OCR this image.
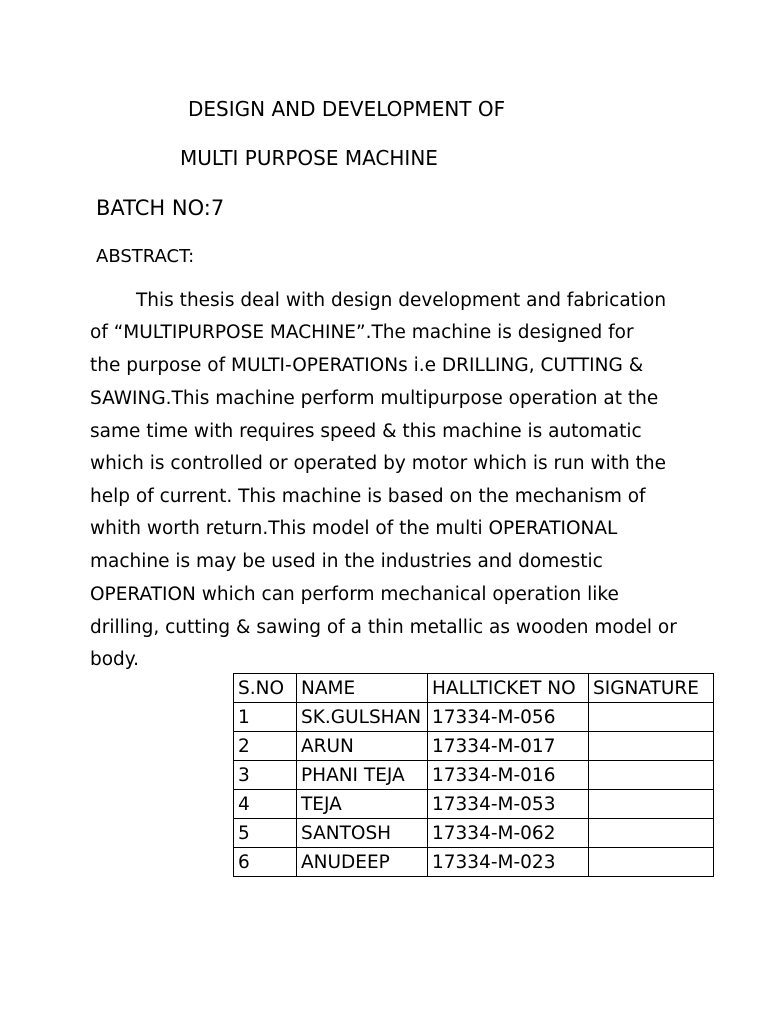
DESIGN AND DEVELOPMENT OF
MULTI PURPOSE MACHINE
BATCH NO:7
ABSTRACT:
This thesis deal with design development and fabrication
of “MULTIPURPOSE MACHINE”.The machine is designed for
the purpose of MULTI-OPERATIONs i.e DRILLING, CUTTING &
SAWING.This machine perform multipurpose operation at the
same time with requires speed & this machine is automatic
which is controlled or operated by motor which is run with the
help of current. This machine is based on the mechanism of
whith worth return.This model of the multi OPERATIONAL
machine is may be used in the industries and domestic
OPERATION which can perform mechanical operation like
drilling, cutting & sawing of a thin metallic as wooden model or
body.
S.NO	NAME	HALLTICKET NO	SIGNATURE
1	SK.GULSHAN	17334-M-056	
2	ARUN	17334-M-017	
3	PHANI TEJA	17334-M-016	
4	TEJA	17334-M-053	
5	SANTOSH	17334-M-062	
6	ANUDEEP	17334-M-023	
